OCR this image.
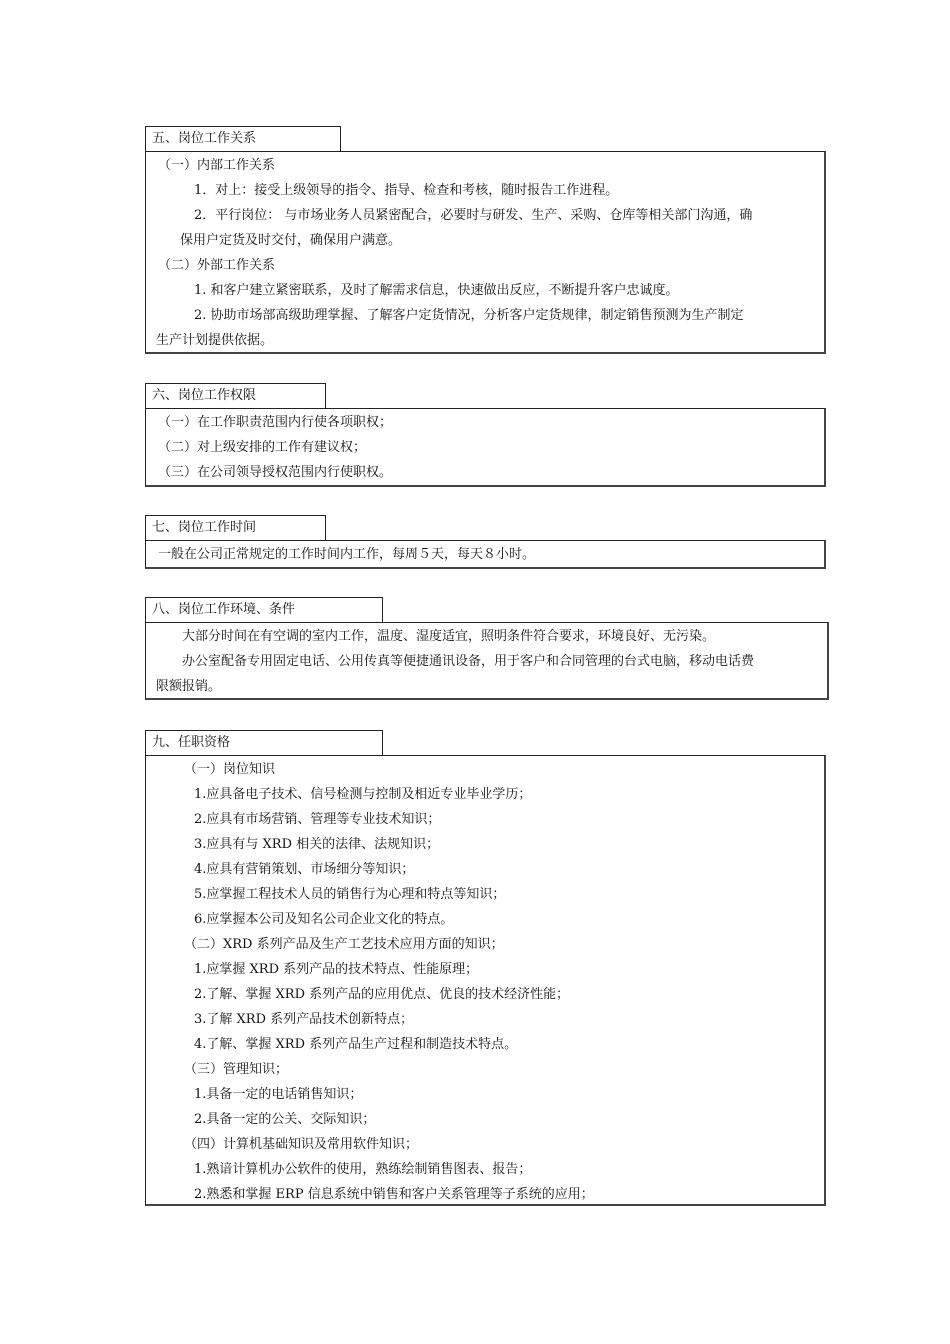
五、岗位工作关系
（一）内部工作关系
1．对上：接受上级领导的指令、指导、检查和考核，随时报告工作进程。
2．平行岗位： 与市场业务人员紧密配合，必要时与研发、生产、采购、仓库等相关部门沟通，确
保用户定货及时交付，确保用户满意。
（二）外部工作关系
1. 和客户建立紧密联系，及时了解需求信息，快速做出反应，不断提升客户忠诚度。
2. 协助市场部高级助理掌握、了解客户定货情况，分析客户定货规律，制定销售预测为生产制定
生产计划提供依据。
六、岗位工作权限
（一）在工作职责范围内行使各项职权；
（二）对上级安排的工作有建议权；
（三）在公司领导授权范围内行使职权。
七、岗位工作时间
一般在公司正常规定的工作时间内工作，每周５天，每天８小时。
八、岗位工作环境、条件
大部分时间在有空调的室内工作，温度、湿度适宜，照明条件符合要求，环境良好、无污染。
办公室配备专用固定电话、公用传真等便捷通讯设备，用于客户和合同管理的台式电脑，移动电话费
限额报销。
九、任职资格
（一）岗位知识
1.应具备电子技术、信号检测与控制及相近专业毕业学历；
2.应具有市场营销、管理等专业技术知识；
3.应具有与 XRD 相关的法律、法规知识；
4.应具有营销策划、市场细分等知识；
5.应掌握工程技术人员的销售行为心理和特点等知识；
6.应掌握本公司及知名公司企业文化的特点。
（二）XRD 系列产品及生产工艺技术应用方面的知识；
1.应掌握 XRD 系列产品的技术特点、性能原理；
2.了解、掌握 XRD 系列产品的应用优点、优良的技术经济性能；
3.了解 XRD 系列产品技术创新特点；
4.了解、掌握 XRD 系列产品生产过程和制造技术特点。
（三）管理知识；
1.具备一定的电话销售知识；
2.具备一定的公关、交际知识；
（四）计算机基础知识及常用软件知识；
1.熟谙计算机办公软件的使用，熟练绘制销售图表、报告；
2.熟悉和掌握 ERP 信息系统中销售和客户关系管理等子系统的应用；
